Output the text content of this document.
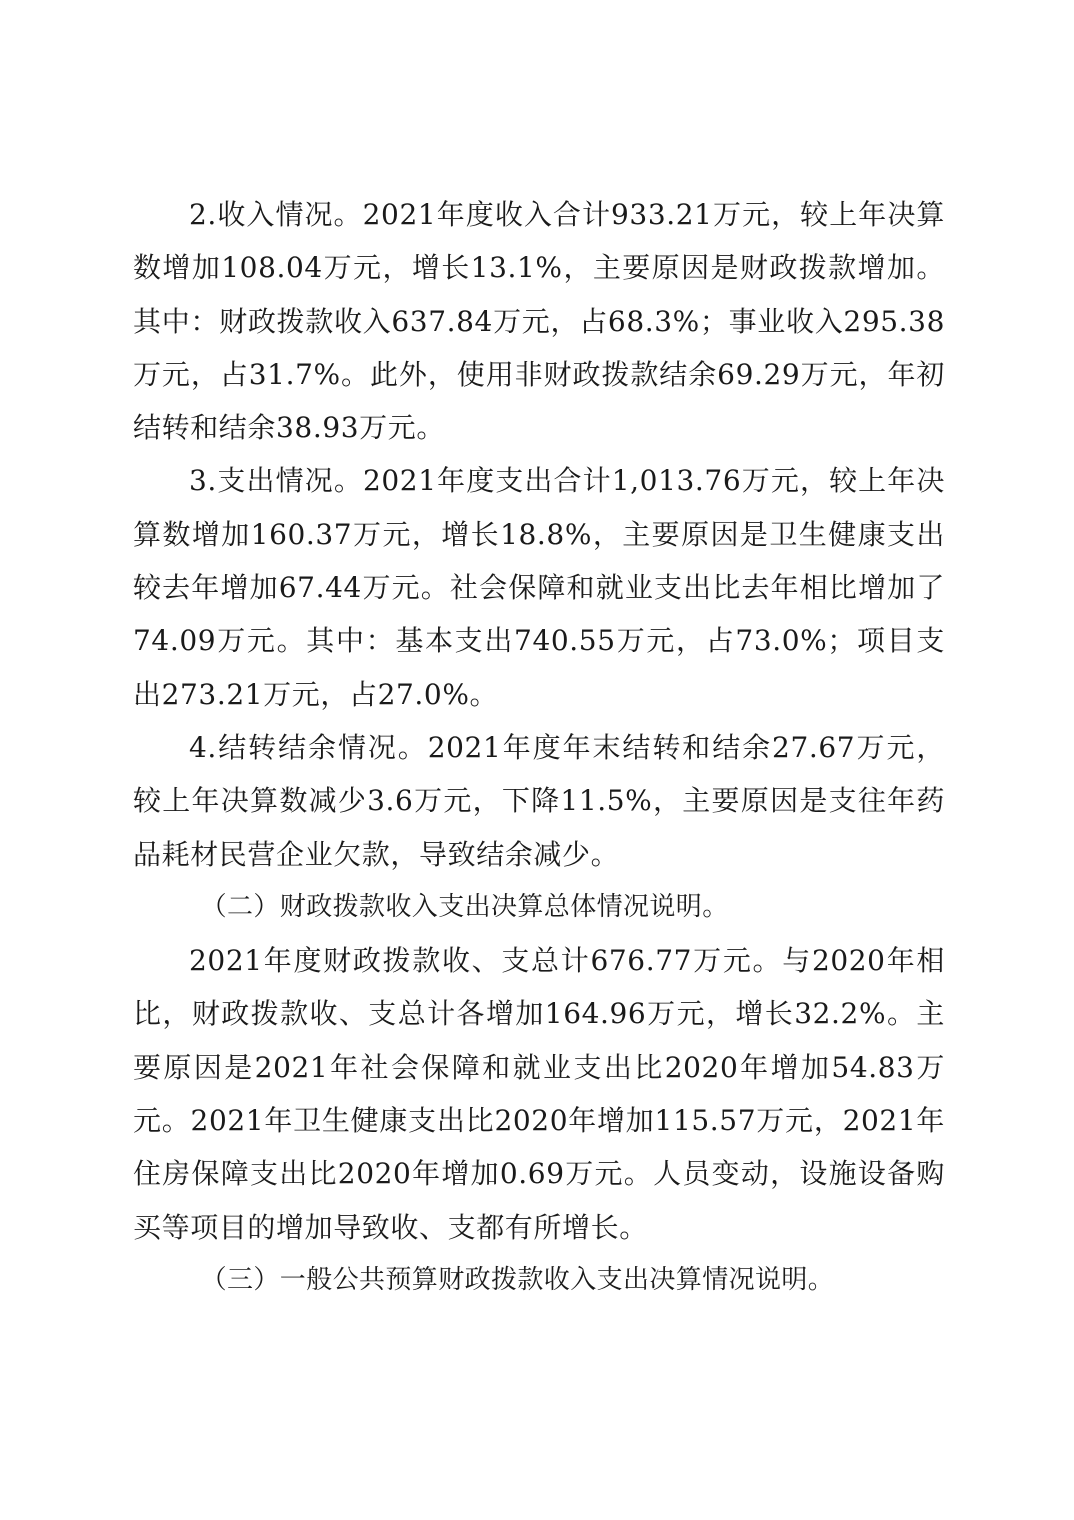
2.收入情况。2021年度收入合计933.21万元，较上年决算数增加108.04万元，增长13.1%，主要原因是财政拨款增加。其中：财政拨款收入637.84万元，占68.3%；事业收入295.38万元，占31.7%。此外，使用非财政拨款结余69.29万元，年初结转和结余38.93万元。

3.支出情况。2021年度支出合计1,013.76万元，较上年决算数增加160.37万元，增长18.8%，主要原因是卫生健康支出较去年增加67.44万元。社会保障和就业支出比去年相比增加了74.09万元。其中：基本支出740.55万元，占73.0%；项目支出273.21万元，占27.0%。

4.结转结余情况。2021年度年末结转和结余27.67万元，较上年决算数减少3.6万元，下降11.5%，主要原因是支往年药品耗材民营企业欠款，导致结余减少。

（二）财政拨款收入支出决算总体情况说明。

2021年度财政拨款收、支总计676.77万元。与2020年相比，财政拨款收、支总计各增加164.96万元，增长32.2%。主要原因是2021年社会保障和就业支出比2020年增加54.83万元。2021年卫生健康支出比2020年增加115.57万元，2021年住房保障支出比2020年增加0.69万元。人员变动，设施设备购买等项目的增加导致收、支都有所增长。

（三）一般公共预算财政拨款收入支出决算情况说明。
